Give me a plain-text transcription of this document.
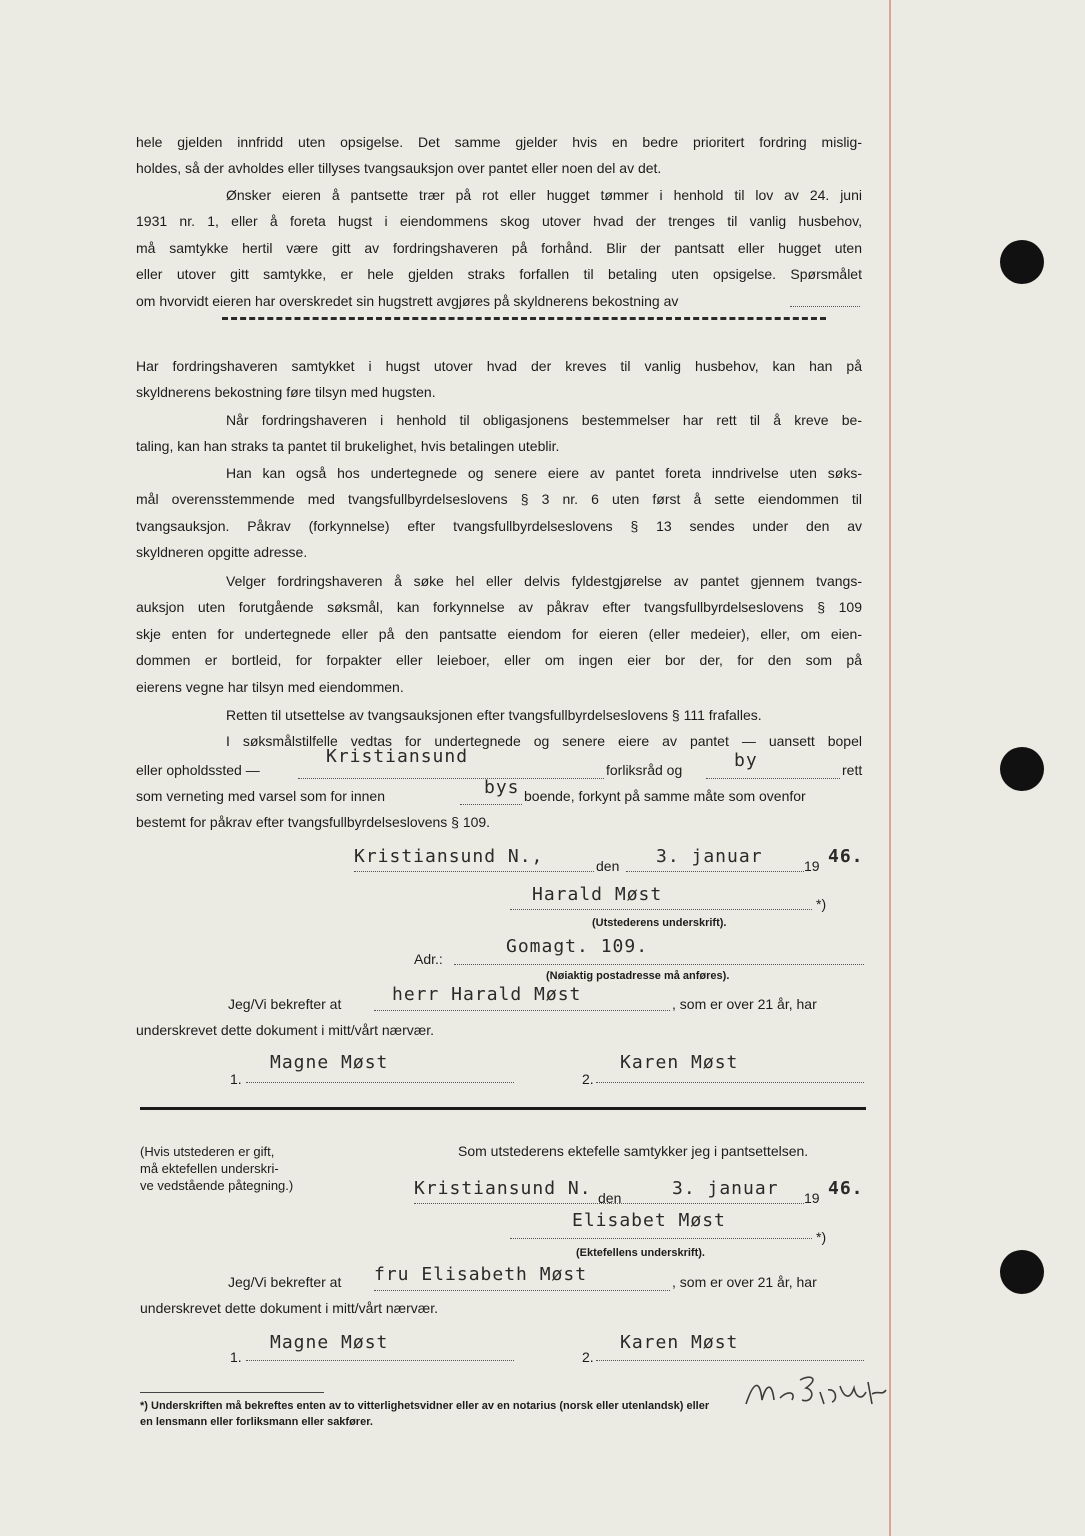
hele gjelden innfridd uten opsigelse. Det samme gjelder hvis en bedre prioritert fordring mislig-
holdes, så der avholdes eller tillyses tvangsauksjon over pantet eller noen del av det.
Ønsker eieren å pantsette trær på rot eller hugget tømmer i henhold til lov av 24. juni
1931 nr. 1, eller å foreta hugst i eiendommens skog utover hvad der trenges til vanlig husbehov,
må samtykke hertil være gitt av fordringshaveren på forhånd. Blir der pantsatt eller hugget uten
eller utover gitt samtykke, er hele gjelden straks forfallen til betaling uten opsigelse. Spørsmålet
om hvorvidt eieren har overskredet sin hugstrett avgjøres på skyldnerens bekostning av
Har fordringshaveren samtykket i hugst utover hvad der kreves til vanlig husbehov, kan han på
skyldnerens bekostning føre tilsyn med hugsten.
Når fordringshaveren i henhold til obligasjonens bestemmelser har rett til å kreve be-
taling, kan han straks ta pantet til brukelighet, hvis betalingen uteblir.
Han kan også hos undertegnede og senere eiere av pantet foreta inndrivelse uten søks-
mål overensstemmende med tvangsfullbyrdelseslovens § 3 nr. 6 uten først å sette eiendommen til
tvangsauksjon. Påkrav (forkynnelse) efter tvangsfullbyrdelseslovens § 13 sendes under den av
skyldneren opgitte adresse.
Velger fordringshaveren å søke hel eller delvis fyldestgjørelse av pantet gjennem tvangs-
auksjon uten forutgående søksmål, kan forkynnelse av påkrav efter tvangsfullbyrdelseslovens § 109
skje enten for undertegnede eller på den pantsatte eiendom for eieren (eller medeier), eller, om eien-
dommen er bortleid, for forpakter eller leieboer, eller om ingen eier bor der, for den som på
eierens vegne har tilsyn med eiendommen.
Retten til utsettelse av tvangsauksjonen efter tvangsfullbyrdelseslovens § 111 frafalles.
I søksmålstilfelle vedtas for undertegnede og senere eiere av pantet — uansett bopel
eller opholdssted —
Kristiansund
forliksråd og	by	rett
som verneting med varsel som for innen	bys boende, forkynt på samme måte som ovenfor
bestemt for påkrav efter tvangsfullbyrdelseslovens § 109.
Kristiansund N.,	den 3. januar	19 46.
Harald Møst	*)
(Utstederens underskrift).
Adr.:
Gomagt. 109.
(Nøiaktig postadresse må anføres).
Jeg/Vi bekrefter at	herr Harald Møst	, som er over 21 år, har
underskrevet dette dokument i mitt/vårt nærvær.
1.
Magne Møst
2.
Karen Møst
(Hvis utstederen er gift,
må ektefellen underskri-
ve vedstående påtegning.)
Som utstederens ektefelle samtykker jeg i pantsettelsen.
Kristiansund N. den	3. januar 19 46.
Elisabet Møst
*)
(Ektefellens underskrift).
Jeg/Vi bekrefter at fru Elisabeth Møst	, som er over 21 år, har
underskrevet dette dokument i mitt/vårt nærvær.
1.
Magne Møst
2.
Karen Møst
*) Underskriften må bekreftes enten av to vitterlighetsvidner eller av en notarius (norsk eller utenlandsk) eller
en lensmann eller forliksmann eller sakfører.
